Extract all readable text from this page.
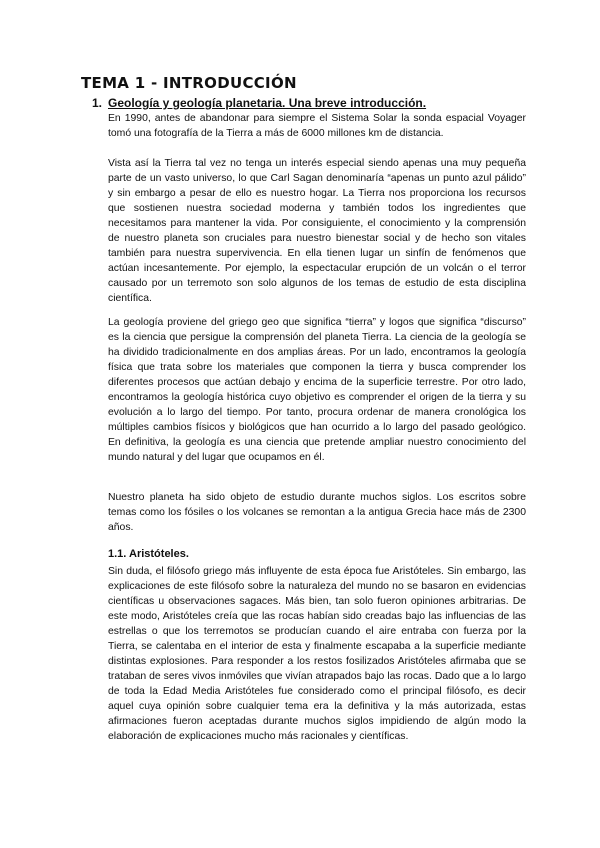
TEMA 1 - INTRODUCCIÓN
1. Geología y geología planetaria. Una breve introducción.

En 1990, antes de abandonar para siempre el Sistema Solar la sonda espacial Voyager tomó una fotografía de la Tierra a más de 6000 millones km de distancia.

Vista así la Tierra tal vez no tenga un interés especial siendo apenas una muy pequeña parte de un vasto universo, lo que Carl Sagan denominaría “apenas un punto azul pálido” y sin embargo a pesar de ello es nuestro hogar. La Tierra nos proporciona los recursos que sostienen nuestra sociedad moderna y también todos los ingredientes que necesitamos para mantener la vida. Por consiguiente, el conocimiento y la comprensión de nuestro planeta son cruciales para nuestro bienestar social y de hecho son vitales también para nuestra supervivencia. En ella tienen lugar un sinfín de fenómenos que actúan incesantemente. Por ejemplo, la espectacular erupción de un volcán o el terror causado por un terremoto son solo algunos de los temas de estudio de esta disciplina científica.

La geología proviene del griego geo que significa “tierra” y logos que significa “discurso” es la ciencia que persigue la comprensión del planeta Tierra. La ciencia de la geología se ha dividido tradicionalmente en dos amplias áreas. Por un lado, encontramos la geología física que trata sobre los materiales que componen la tierra y busca comprender los diferentes procesos que actúan debajo y encima de la superficie terrestre. Por otro lado, encontramos la geología histórica cuyo objetivo es comprender el origen de la tierra y su evolución a lo largo del tiempo. Por tanto, procura ordenar de manera cronológica los múltiples cambios físicos y biológicos que han ocurrido a lo largo del pasado geológico. En definitiva, la geología es una ciencia que pretende ampliar nuestro conocimiento del mundo natural y del lugar que ocupamos en él.

Nuestro planeta ha sido objeto de estudio durante muchos siglos. Los escritos sobre temas como los fósiles o los volcanes se remontan a la antigua Grecia hace más de 2300 años.

1.1. Aristóteles.

Sin duda, el filósofo griego más influyente de esta época fue Aristóteles. Sin embargo, las explicaciones de este filósofo sobre la naturaleza del mundo no se basaron en evidencias científicas u observaciones sagaces. Más bien, tan solo fueron opiniones arbitrarias. De este modo, Aristóteles creía que las rocas habían sido creadas bajo las influencias de las estrellas o que los terremotos se producían cuando el aire entraba con fuerza por la Tierra, se calentaba en el interior de esta y finalmente escapaba a la superficie mediante distintas explosiones. Para responder a los restos fosilizados Aristóteles afirmaba que se trataban de seres vivos inmóviles que vivían atrapados bajo las rocas. Dado que a lo largo de toda la Edad Media Aristóteles fue considerado como el principal filósofo, es decir aquel cuya opinión sobre cualquier tema era la definitiva y la más autorizada, estas afirmaciones fueron aceptadas durante muchos siglos impidiendo de algún modo la elaboración de explicaciones mucho más racionales y científicas.
